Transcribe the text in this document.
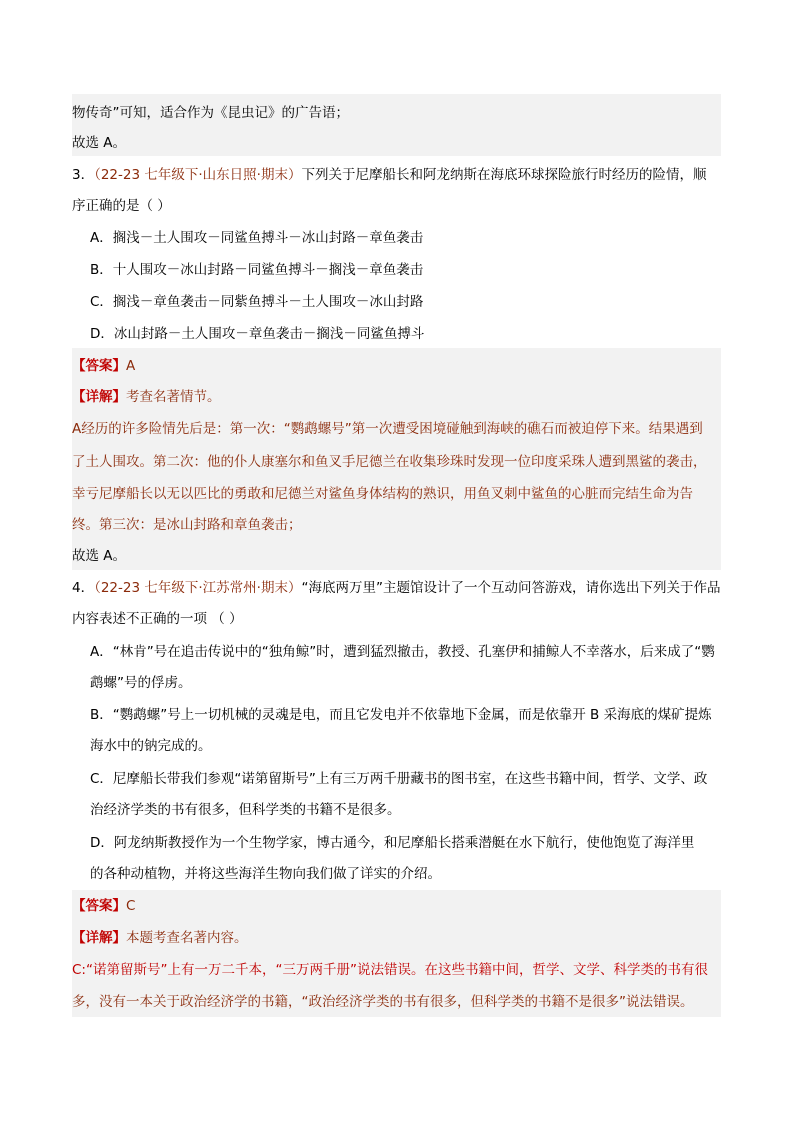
物传奇”可知，适合作为《昆虫记》的广告语；
故选 A。
3．（22-23 七年级下·山东日照·期末）下列关于尼摩船长和阿龙纳斯在海底环球探险旅行时经历的险情，顺
序正确的是（ ）
A．搁浅－土人围攻－同鲨鱼搏斗－冰山封路－章鱼袭击
B．十人围攻－冰山封路－同鲨鱼搏斗－搁浅－章鱼袭击
C．搁浅－章鱼袭击－同紫鱼搏斗－土人围攻－冰山封路
D．冰山封路－土人围攻－章鱼袭击－搁浅－同鲨鱼搏斗
【答案】A
【详解】考查名著情节。
A经历的许多险情先后是：第一次：“鹦鹉螺号”第一次遭受困境碰触到海峡的礁石而被迫停下来。结果遇到
了土人围攻。第二次：他的仆人康塞尔和鱼叉手尼德兰在收集珍珠时发现一位印度采珠人遭到黑鲨的袭击，
幸亏尼摩船长以无以匹比的勇敢和尼德兰对鲨鱼身体结构的熟识，用鱼叉刺中鲨鱼的心脏而完结生命为告
终。第三次：是冰山封路和章鱼袭击；
故选 A。
4．（22-23 七年级下·江苏常州·期末）“海底两万里”主题馆设计了一个互动问答游戏，请你选出下列关于作品
内容表述不正确的一项 （ ）
A．“林肯”号在追击传说中的“独角鲸”时，遭到猛烈撤击，教授、孔塞伊和捕鲸人不幸落水，后来成了“鹦
鹉螺”号的俘虏。
B．“鹦鹉螺”号上一切机械的灵魂是电，而且它发电并不依靠地下金属，而是依靠开 B 采海底的煤矿提炼
海水中的钠完成的。
C．尼摩船长带我们参观“诺第留斯号”上有三万两千册藏书的图书室，在这些书籍中间，哲学、文学、政
治经济学类的书有很多，但科学类的书籍不是很多。
D．阿龙纳斯教授作为一个生物学家，博古通今，和尼摩船长搭乘潜艇在水下航行，使他饱览了海洋里
的各种动植物，并将这些海洋生物向我们做了详实的介绍。
【答案】C
【详解】本题考查名著内容。
C:“诺第留斯号”上有一万二千本，“三万两千册”说法错误。在这些书籍中间，哲学、文学、科学类的书有很
多，没有一本关于政治经济学的书籍，“政治经济学类的书有很多，但科学类的书籍不是很多”说法错误。
